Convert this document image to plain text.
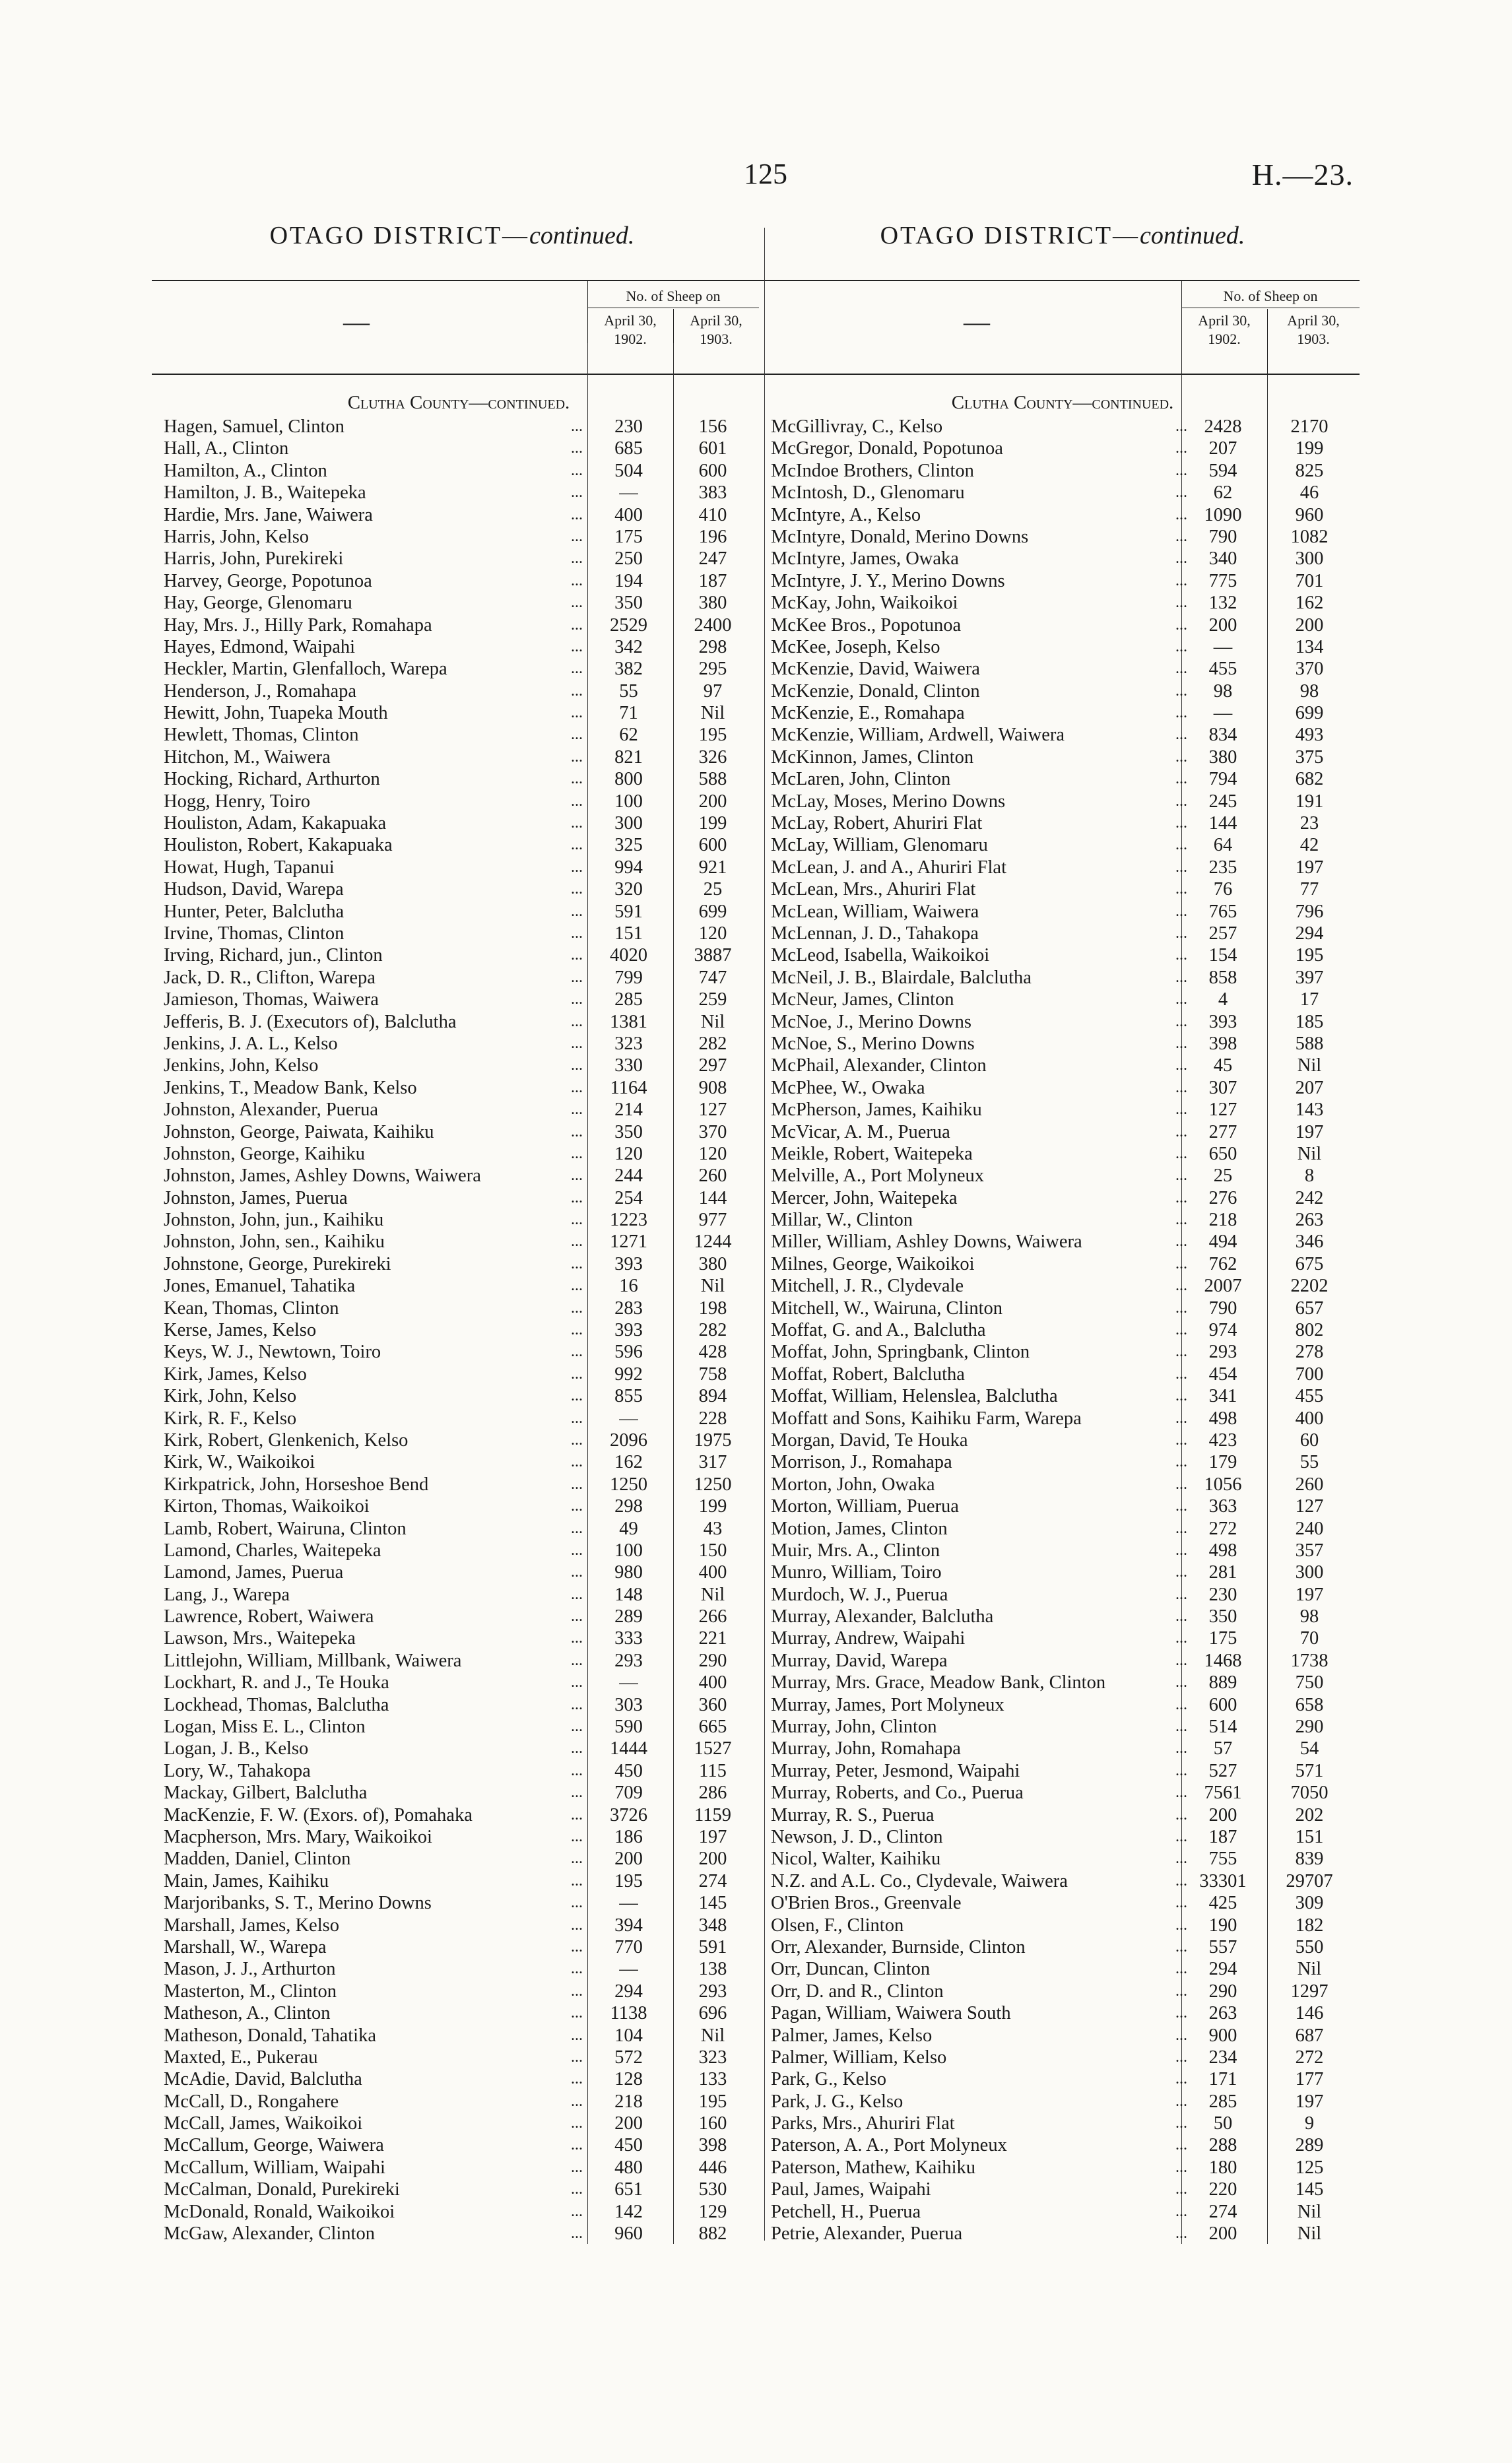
125	H.—23.
OTAGO DISTRICT—continued.
—
No. of Sheep on
April 30,
1902.
April 30,
1903.
Clutha County—continued.
Hagen, Samuel, Clinton	230	156
...
Hall, A., Clinton	685	601
...
Hamilton, A., Clinton	504	600
...
Hamilton, J. B., Waitepeka	—	383
...
Hardie, Mrs. Jane, Waiwera	400	410
...
Harris, John, Kelso	175	196
...
Harris, John, Purekireki	250	247
...
Harvey, George, Popotunoa	194	187
...
Hay, George, Glenomaru	350	380
...
Hay, Mrs. J., Hilly Park, Romahapa	2529	2400
...
Hayes, Edmond, Waipahi	342	298
...
Heckler, Martin, Glenfalloch, Warepa	382	295
...
Henderson, J., Romahapa	55	97
...
Hewitt, John, Tuapeka Mouth	71	Nil
...
Hewlett, Thomas, Clinton	62	195
...
Hitchon, M., Waiwera	821	326
...
Hocking, Richard, Arthurton	800	588
...
Hogg, Henry, Toiro	100	200
...
Houliston, Adam, Kakapuaka	300	199
...
Houliston, Robert, Kakapuaka	325	600
...
Howat, Hugh, Tapanui	994	921
...
Hudson, David, Warepa	320	25
...
Hunter, Peter, Balclutha	591	699
...
Irvine, Thomas, Clinton	151	120
...
Irving, Richard, jun., Clinton	4020	3887
...
Jack, D. R., Clifton, Warepa	799	747
...
Jamieson, Thomas, Waiwera	285	259
...
Jefferis, B. J. (Executors of), Balclutha	1381	Nil
...
Jenkins, J. A. L., Kelso	323	282
...
Jenkins, John, Kelso	330	297
...
Jenkins, T., Meadow Bank, Kelso	1164	908
...
Johnston, Alexander, Puerua	214	127
...
Johnston, George, Paiwata, Kaihiku	350	370
...
Johnston, George, Kaihiku	120	120
...
Johnston, James, Ashley Downs, Waiwera	244	260
...
Johnston, James, Puerua	254	144
...
Johnston, John, jun., Kaihiku	1223	977
...
Johnston, John, sen., Kaihiku	1271	1244
...
Johnstone, George, Purekireki	393	380
...
Jones, Emanuel, Tahatika	16	Nil
...
Kean, Thomas, Clinton	283	198
...
Kerse, James, Kelso	393	282
...
Keys, W. J., Newtown, Toiro	596	428
...
Kirk, James, Kelso	992	758
...
Kirk, John, Kelso	855	894
...
Kirk, R. F., Kelso	—	228
...
Kirk, Robert, Glenkenich, Kelso	2096	1975
...
Kirk, W., Waikoikoi	162	317
...
Kirkpatrick, John, Horseshoe Bend	1250	1250
...
Kirton, Thomas, Waikoikoi	298	199
...
Lamb, Robert, Wairuna, Clinton	49	43
...
Lamond, Charles, Waitepeka	100	150
...
Lamond, James, Puerua	980	400
...
Lang, J., Warepa	148	Nil
...
Lawrence, Robert, Waiwera	289	266
...
Lawson, Mrs., Waitepeka	333	221
...
Littlejohn, William, Millbank, Waiwera	293	290
...
Lockhart, R. and J., Te Houka	—	400
...
Lockhead, Thomas, Balclutha	303	360
...
Logan, Miss E. L., Clinton	590	665
...
Logan, J. B., Kelso	1444	1527
...
Lory, W., Tahakopa	450	115
...
Mackay, Gilbert, Balclutha	709	286
...
MacKenzie, F. W. (Exors. of), Pomahaka	3726	1159
...
Macpherson, Mrs. Mary, Waikoikoi	186	197
...
Madden, Daniel, Clinton	200	200
...
Main, James, Kaihiku	195	274
...
Marjoribanks, S. T., Merino Downs	—	145
...
Marshall, James, Kelso	394	348
...
Marshall, W., Warepa	770	591
...
Mason, J. J., Arthurton	—	138
...
Masterton, M., Clinton	294	293
...
Matheson, A., Clinton	1138	696
...
Matheson, Donald, Tahatika	104	Nil
...
Maxted, E., Pukerau	572	323
...
McAdie, David, Balclutha	128	133
...
McCall, D., Rongahere	218	195
...
McCall, James, Waikoikoi	200	160
...
McCallum, George, Waiwera	450	398
...
McCallum, William, Waipahi	480	446
...
McCalman, Donald, Purekireki	651	530
...
McDonald, Ronald, Waikoikoi	142	129
...
McGaw, Alexander, Clinton	960	882
...
OTAGO DISTRICT—continued.
—
No. of Sheep on
April 30,
1902.
April 30,
1903.
Clutha County—continued.
McGillivray, C., Kelso	2428	2170
...
McGregor, Donald, Popotunoa	207	199
...
McIndoe Brothers, Clinton	594	825
...
McIntosh, D., Glenomaru	62	46
...
McIntyre, A., Kelso	1090	960
...
McIntyre, Donald, Merino Downs	790	1082
...
McIntyre, James, Owaka	340	300
...
McIntyre, J. Y., Merino Downs	775	701
...
McKay, John, Waikoikoi	132	162
...
McKee Bros., Popotunoa	200	200
...
McKee, Joseph, Kelso	—	134
...
McKenzie, David, Waiwera	455	370
...
McKenzie, Donald, Clinton	98	98
...
McKenzie, E., Romahapa	—	699
...
McKenzie, William, Ardwell, Waiwera	834	493
...
McKinnon, James, Clinton	380	375
...
McLaren, John, Clinton	794	682
...
McLay, Moses, Merino Downs	245	191
...
McLay, Robert, Ahuriri Flat	144	23
...
McLay, William, Glenomaru	64	42
...
McLean, J. and A., Ahuriri Flat	235	197
...
McLean, Mrs., Ahuriri Flat	76	77
...
McLean, William, Waiwera	765	796
...
McLennan, J. D., Tahakopa	257	294
...
McLeod, Isabella, Waikoikoi	154	195
...
McNeil, J. B., Blairdale, Balclutha	858	397
...
McNeur, James, Clinton	4	17
...
McNoe, J., Merino Downs	393	185
...
McNoe, S., Merino Downs	398	588
...
McPhail, Alexander, Clinton	45	Nil
...
McPhee, W., Owaka	307	207
...
McPherson, James, Kaihiku	127	143
...
McVicar, A. M., Puerua	277	197
...
Meikle, Robert, Waitepeka	650	Nil
...
Melville, A., Port Molyneux	25	8
...
Mercer, John, Waitepeka	276	242
...
Millar, W., Clinton	218	263
...
Miller, William, Ashley Downs, Waiwera	494	346
...
Milnes, George, Waikoikoi	762	675
...
Mitchell, J. R., Clydevale	2007	2202
...
Mitchell, W., Wairuna, Clinton	790	657
...
Moffat, G. and A., Balclutha	974	802
...
Moffat, John, Springbank, Clinton	293	278
...
Moffat, Robert, Balclutha	454	700
...
Moffat, William, Helenslea, Balclutha	341	455
...
Moffatt and Sons, Kaihiku Farm, Warepa	498	400
...
Morgan, David, Te Houka	423	60
...
Morrison, J., Romahapa	179	55
...
Morton, John, Owaka	1056	260
...
Morton, William, Puerua	363	127
...
Motion, James, Clinton	272	240
...
Muir, Mrs. A., Clinton	498	357
...
Munro, William, Toiro	281	300
...
Murdoch, W. J., Puerua	230	197
...
Murray, Alexander, Balclutha	350	98
...
Murray, Andrew, Waipahi	175	70
...
Murray, David, Warepa	1468	1738
...
Murray, Mrs. Grace, Meadow Bank, Clinton	889	750
...
Murray, James, Port Molyneux	600	658
...
Murray, John, Clinton	514	290
...
Murray, John, Romahapa	57	54
...
Murray, Peter, Jesmond, Waipahi	527	571
...
Murray, Roberts, and Co., Puerua	7561	7050
...
Murray, R. S., Puerua	200	202
...
Newson, J. D., Clinton	187	151
...
Nicol, Walter, Kaihiku	755	839
...
N.Z. and A.L. Co., Clydevale, Waiwera	33301	29707
...
O'Brien Bros., Greenvale	425	309
...
Olsen, F., Clinton	190	182
...
Orr, Alexander, Burnside, Clinton	557	550
...
Orr, Duncan, Clinton	294	Nil
...
Orr, D. and R., Clinton	290	1297
...
Pagan, William, Waiwera South	263	146
...
Palmer, James, Kelso	900	687
...
Palmer, William, Kelso	234	272
...
Park, G., Kelso	171	177
...
Park, J. G., Kelso	285	197
...
Parks, Mrs., Ahuriri Flat	50	9
...
Paterson, A. A., Port Molyneux	288	289
...
Paterson, Mathew, Kaihiku	180	125
...
Paul, James, Waipahi	220	145
...
Petchell, H., Puerua	274	Nil
...
Petrie, Alexander, Puerua	200	Nil
...
